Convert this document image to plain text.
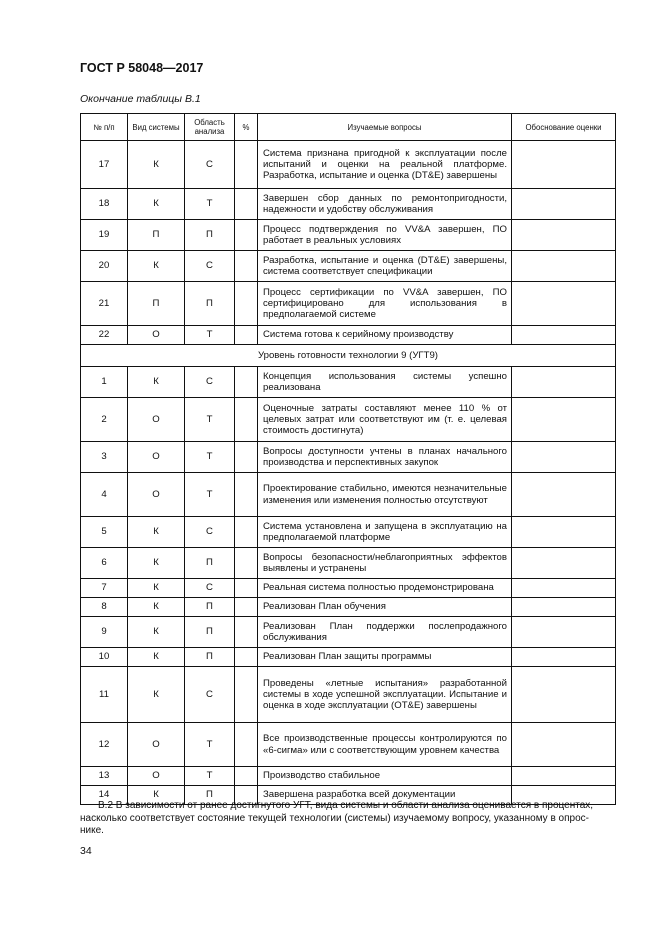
ГОСТ Р 58048—2017
Окончание таблицы В.1
№ п/п	Вид системы	Область анализа	%	Изучаемые вопросы	Обоснование оценки
17	К	С		Система признана пригодной к эксплуатации после испытаний и оценки на реальной платформе. Разработка, испытание и оценка (DT&E) завершены	
18	К	Т		Завершен сбор данных по ремонтопригодности, надежности и удобству обслуживания	
19	П	П		Процесс подтверждения по VV&A завершен, ПО работает в реальных условиях	
20	К	С		Разработка, испытание и оценка (DT&E) завершены, система соответствует спецификации	
21	П	П		Процесс сертификации по VV&A завершен, ПО сертифицировано для использования в предполагаемой системе	
22	О	Т		Система готова к серийному производству	
Уровень готовности технологии 9 (УГТ9)					
1	К	С		Концепция использования системы успешно реализована	
2	О	Т		Оценочные затраты составляют менее 110 % от целевых затрат или соответствуют им (т. е. целевая стоимость достигнута)	
3	О	Т		Вопросы доступности учтены в планах начального производства и перспективных закупок	
4	О	Т		Проектирование стабильно, имеются незначительные изменения или изменения полностью отсутствуют	
5	К	С		Система установлена и запущена в эксплуатацию на предполагаемой платформе	
6	К	П		Вопросы безопасности/неблагоприятных эффектов выявлены и устранены	
7	К	С		Реальная система полностью продемонстрирована	
8	К	П		Реализован План обучения	
9	К	П		Реализован План поддержки послепродажного обслуживания	
10	К	П		Реализован План защиты программы	
11	К	С		Проведены «летные испытания» разработанной системы в ходе успешной эксплуатации. Испытание и оценка в ходе эксплуатации (OT&E) завершены	
12	О	Т		Все производственные процессы контролируются по «6-сигма» или с соответствующим уровнем качества	
13	О	Т		Производство стабильное	
14	К	П		Завершена разработка всей документации	
В.2 В зависимости от ранее достигнутого УГТ, вида системы и области анализа оценивается в процентах,
насколько соответствует состояние текущей технологии (системы) изучаемому вопросу, указанному в опрос-
нике.
34
